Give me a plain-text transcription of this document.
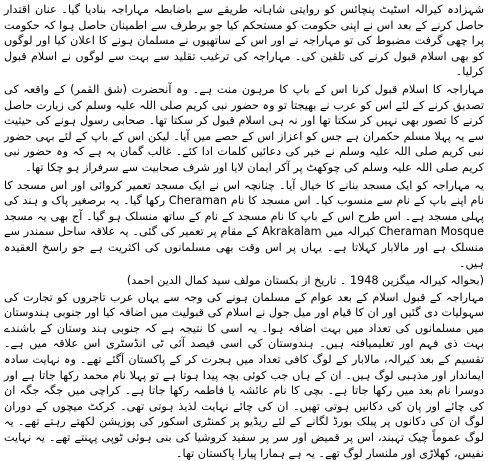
شہزادہ کیرالہ اسٹیٹ پنچائس کو روایتی شاہانہ طریقے سے باضابطہ مہاراجہ بنادیا گیا۔ عنان اقتدار حاصل کرنے کے بعد اس نے اپنی حکومت کو مستحکم کیا جو برطرف سے اطمینان حاصل ہوا کہ حکومت پرا چھی گرفت مضبوط کی تو مہاراجہ نے اور اس کے ساتھیوں نے مسلمان ہونے کا اعلان کیا اور لوگوں کو بھی اسلام قبول کرنے کی تلقین کی۔ مہاراجہ کی ترغیب تقلید سے بہت سے لوگوں نے اسلام قبول کرلیا۔

مہاراجہ کا اسلام قبول کرنا اس کے باپ کا مرہون منت ہے۔ وہ آنحضرت (شق القمر) کے واقعہ کی تصدیق کرنے کے لئے اس کو عرب نے بھیجتا تو وہ حضور نبی کریم صلی اللہ علیہ وسلم کی زیارت حاصل کرنے کا تصور بھی نہیں کر سکتا تھا اور نہ ہی اسلام قبول کر سکتا تھا۔ صحابی رسول ہونے کی حیثیت سے یہ پہلا مسلم حکمران ہے جس کو اعزاز اس کے حصے میں آیا۔ لیکن اس کے باپ کے لئے بہی حضور نبی کریم صلی اللہ علیہ وسلم نے خیر کی دعائیں کلمات ادا کئے۔ غالب گمان یہ ہے کہ وہ حضور نبی کریم صلی اللہ علیہ وسلم کی چوکھٹ پر آکر ایمان لایا اور شرف صحابیت سے سرفراز ہو چکا تھا۔

یہ مہاراجہ کو ایک مسجد بنانے کا خیال آیا۔ چنانچہ اس نے ایک مسجد تعمیر کروائی اور اس مسجد کا نام اپنے باپ کے نام سے منسوب کیا۔ اس مسجد کا نام Cheraman رکھا گیا۔ یہ برصغیر پاک و ہند کی پہلی مسجد ہے۔ اس طرح اس کے باپ کا نام مسجد کے نام کے ساتھ منسلک ہو گیا۔ آج بھی یہ مسجد Cheraman Mosque کیرالہ میں Akrakalam کے مقام پر تعمیر کی گئی۔ یہ علاقہ ساحل سمندر سے منسلک ہے اور مالابار کہلاتا ہے۔ یہاں پر اس وقت بھی مسلمانوں کی اکثریت ہے جو راسخ العقیدہ ہیں۔

(بحوالہ کیرالہ میگزین 1948 ۔ تاریخ از بکستان مولف سید کمال الدین احمد)

مہاراجہ کے قبول اسلام کے بعد عوام کے مسلمان ہونے کی وجہ سے یہاں عرب تاجروں کو تجارت کی سہولیات دی گئیں اور ان کا قیام اور میل جول نے اسلام کی قبولیت میں اضافہ کیا اور جنوبی ہندوستان میں مسلمانوں کی تعداد میں بہت اضافہ ہوا۔ یہ اسی کا نتیجہ ہے کہ جنوبی ہند وستان کے باشندے بہت ذی فہم اور تعلیمیافتہ ہیں۔ ہندوستان کی اسی فیصد آئی ٹی انڈسٹری اس علاقہ میں ہے۔ تقسیم کے بعد کیرالہ، مالابار کے لوگ کافی تعداد میں ہجرت کر کے پاکستان آگئے تھے۔ وہ نہایت سادہ ایماندار اور مذہبی لوگ ہیں۔ ان کے ہاں جب کوئی بچہ پیدا ہوتا ہے تو پہلا نام محمد رکھا جاتا ہے اور دوسرا نام بعد میں رکھا جاتا ہے۔ بچی کا نام عائشہ یا فاطمہ رکھا جاتا ہے۔ کراچی میں جگہ جگہ ان کی چائے اور پان کی دکانیں ہوتی تھیں۔ ان کی چائے نہایت لذیذ ہوتی تھی۔ کرکٹ میچوں کے دوران لوگ ان کی دکانوں پر پبلک بورڈ لگانے کے لئے ریڈیو پر کمنٹری اسکور کی پوزیشن لکھتے رہتے تھے۔ یہ لوگ عموماً چیک تہبند، اس پر قمیض اور سر پر سفید کروشیا کی بنی ہوئی ٹوپی پہنتے تھے۔ یہ نہایت نفیس، کھلاڑی اور ملنسار لوگ تھے۔ یہ ہے ہمارا پیارا پاکستان تھا۔
